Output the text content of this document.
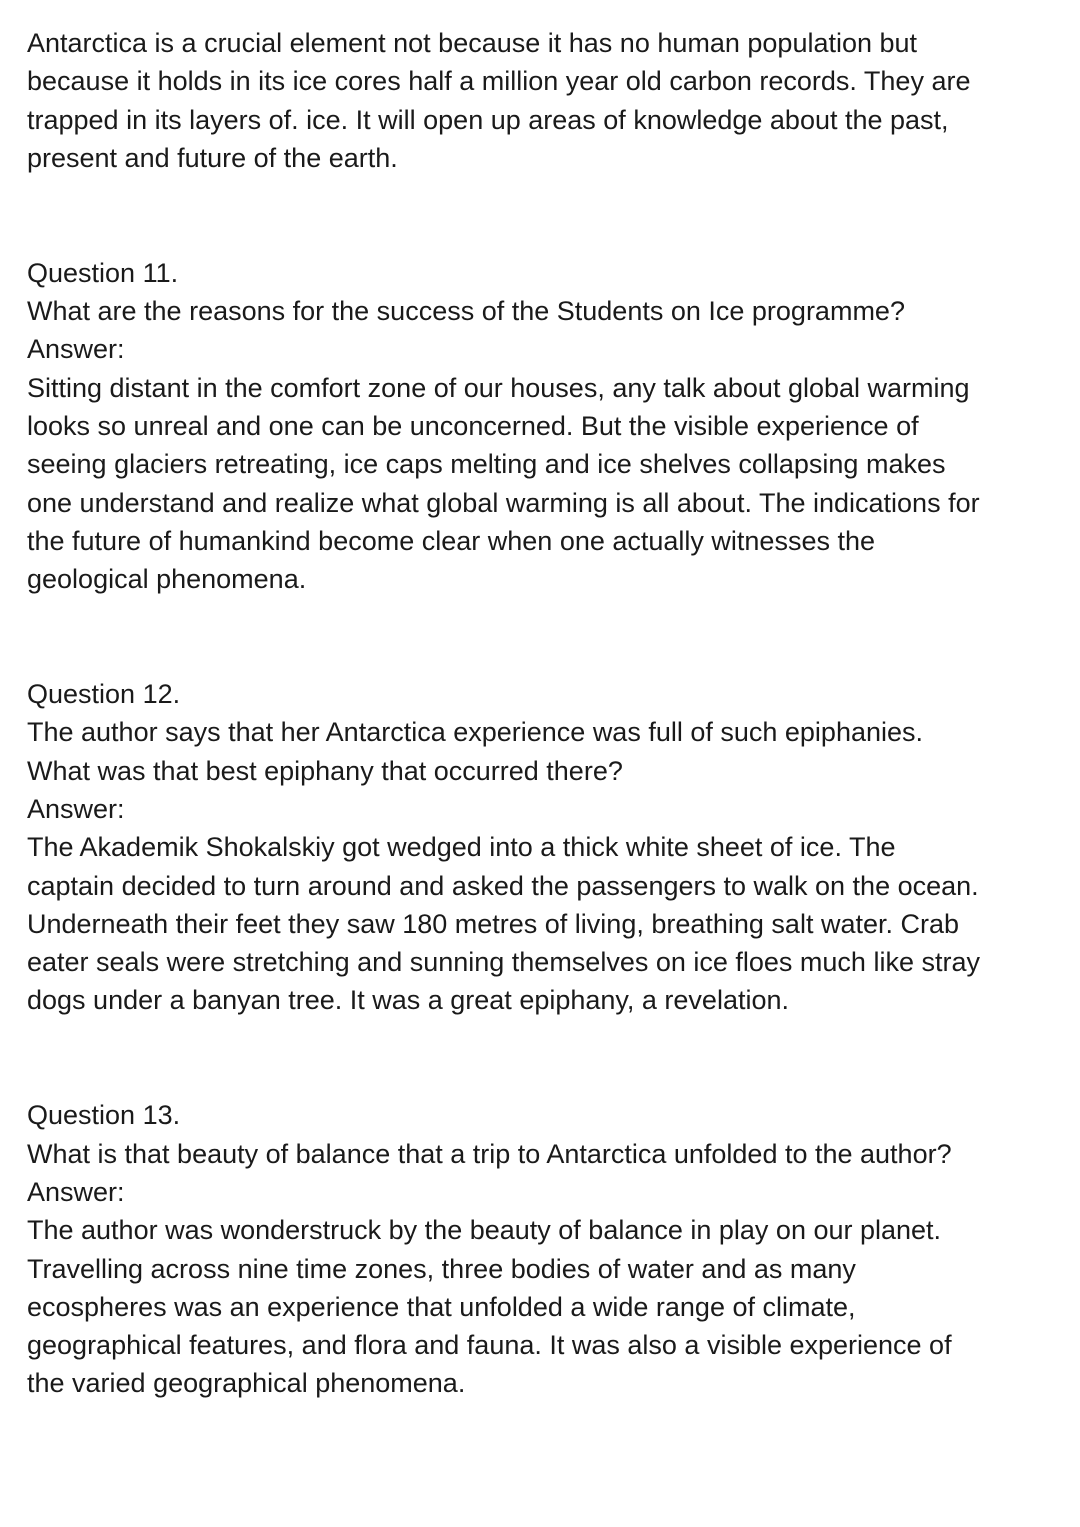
Antarctica is a crucial element not because it has no human population but
because it holds in its ice cores half a million year old carbon records. They are
trapped in its layers of. ice. It will open up areas of knowledge about the past,
present and future of the earth.

Question 11.

What are the reasons for the success of the Students on Ice programme?

Answer:

Sitting distant in the comfort zone of our houses, any talk about global warming
looks so unreal and one can be unconcerned. But the visible experience of
seeing glaciers retreating, ice caps melting and ice shelves collapsing makes
one understand and realize what global warming is all about. The indications for
the future of humankind become clear when one actually witnesses the
geological phenomena.

Question 12.

The author says that her Antarctica experience was full of such epiphanies.
What was that best epiphany that occurred there?

Answer:

The Akademik Shokalskiy got wedged into a thick white sheet of ice. The
captain decided to turn around and asked the passengers to walk on the ocean.
Underneath their feet they saw 180 metres of living, breathing salt water. Crab
eater seals were stretching and sunning themselves on ice floes much like stray
dogs under a banyan tree. It was a great epiphany, a revelation.

Question 13.

What is that beauty of balance that a trip to Antarctica unfolded to the author?

Answer:

The author was wonderstruck by the beauty of balance in play on our planet.
Travelling across nine time zones, three bodies of water and as many
ecospheres was an experience that unfolded a wide range of climate,
geographical features, and flora and fauna. It was also a visible experience of
the varied geographical phenomena.
